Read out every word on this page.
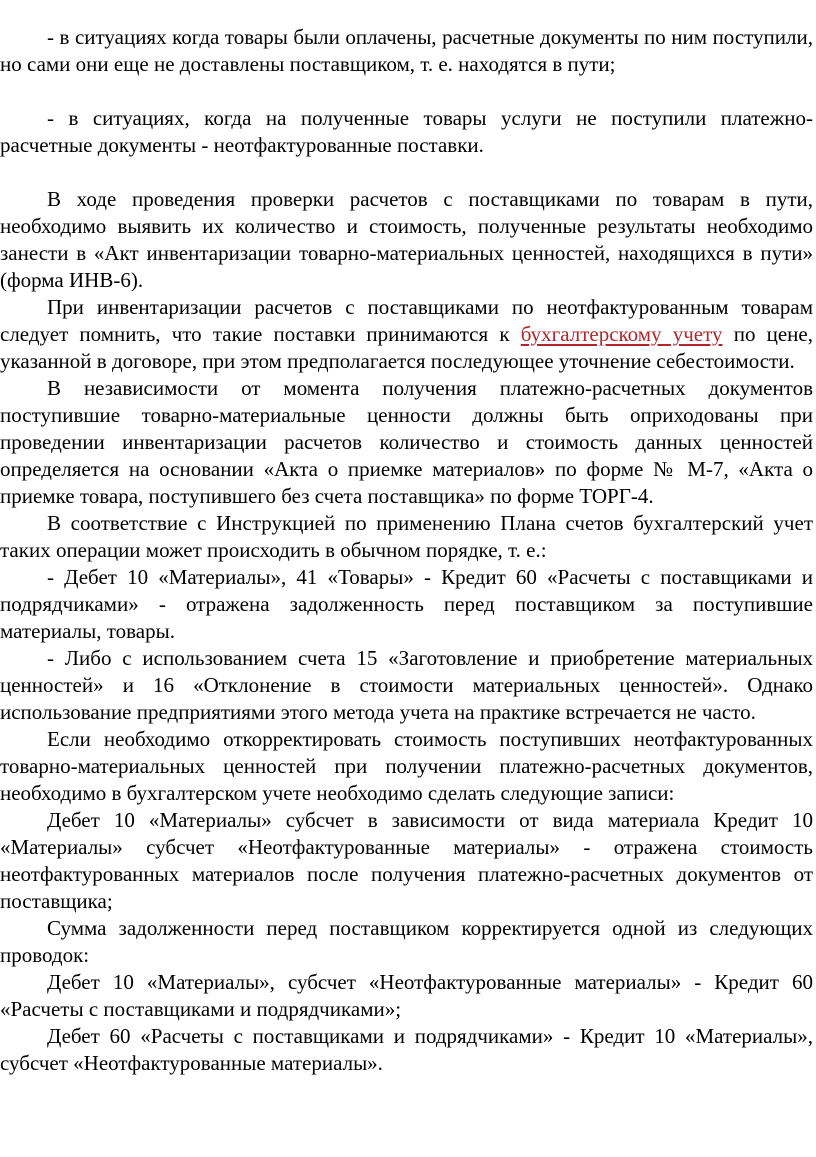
- в ситуациях когда товары были оплачены, расчетные документы по ним поступили, но сами они еще не доставлены поставщиком, т. е. находятся в пути;

- в ситуациях, когда на полученные товары услуги не поступили платежно-расчетные документы - неотфактурованные поставки.

В ходе проведения проверки расчетов с поставщиками по товарам в пути, необходимо выявить их количество и стоимость, полученные результаты необходимо занести в «Акт инвентаризации товарно-материальных ценностей, находящихся в пути» (форма ИНВ-6).

При инвентаризации расчетов с поставщиками по неотфактурованным товарам следует помнить, что такие поставки принимаются к бухгалтерскому учету по цене, указанной в договоре, при этом предполагается последующее уточнение себестоимости.

В независимости от момента получения платежно-расчетных документов поступившие товарно-материальные ценности должны быть оприходованы при проведении инвентаризации расчетов количество и стоимость данных ценностей определяется на основании «Акта о приемке материалов» по форме № М-7, «Акта о приемке товара, поступившего без счета поставщика» по форме ТОРГ-4.

В соответствие с Инструкцией по применению Плана счетов бухгалтерский учет таких операции может происходить в обычном порядке, т. е.:

- Дебет 10 «Материалы», 41 «Товары» - Кредит 60 «Расчеты с поставщиками и подрядчиками» - отражена задолженность перед поставщиком за поступившие материалы, товары.

- Либо с использованием счета 15 «Заготовление и приобретение материальных ценностей» и 16 «Отклонение в стоимости материальных ценностей». Однако использование предприятиями этого метода учета на практике встречается не часто.

Если необходимо откорректировать стоимость поступивших неотфактурованных товарно-материальных ценностей при получении платежно-расчетных документов, необходимо в бухгалтерском учете необходимо сделать следующие записи:

Дебет 10 «Материалы» субсчет в зависимости от вида материала Кредит 10 «Материалы» субсчет «Неотфактурованные материалы» - отражена стоимость неотфактурованных материалов после получения платежно-расчетных документов от поставщика;

Сумма задолженности перед поставщиком корректируется одной из следующих проводок:

Дебет 10 «Материалы», субсчет «Неотфактурованные материалы» - Кредит 60 «Расчеты с поставщиками и подрядчиками»;

Дебет 60 «Расчеты с поставщиками и подрядчиками» - Кредит 10 «Материалы», субсчет «Неотфактурованные материалы».
